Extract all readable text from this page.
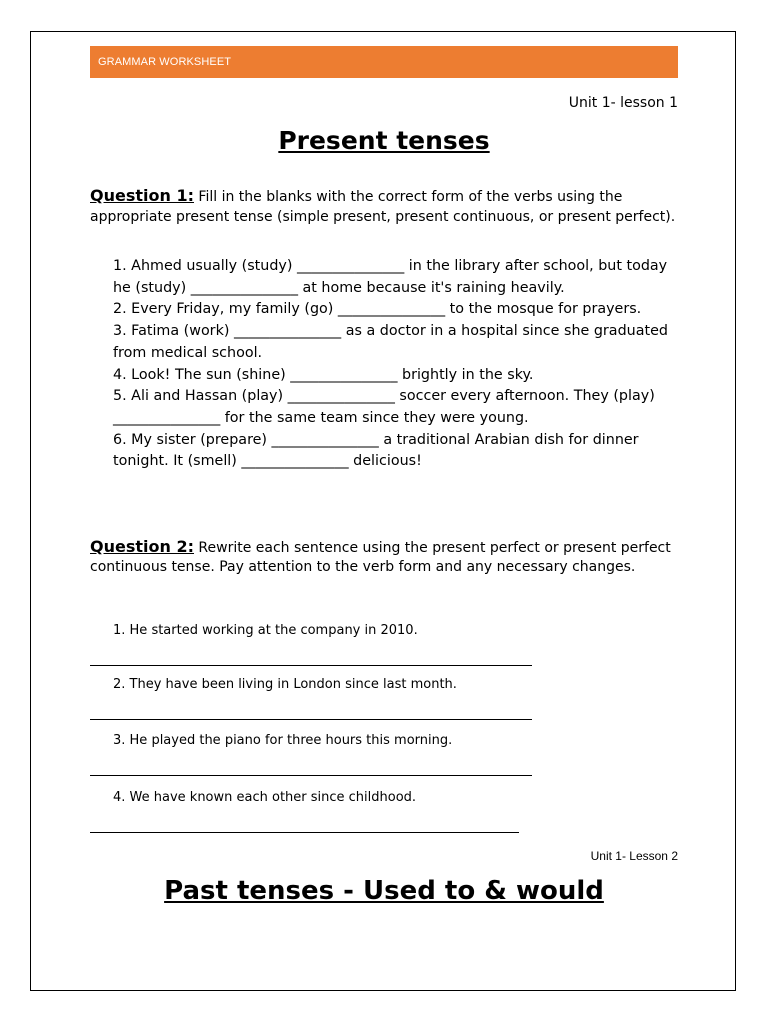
GRAMMAR WORKSHEET
Unit 1- lesson 1
Present tenses
Question 1: Fill in the blanks with the correct form of the verbs using the appropriate present tense (simple present, present continuous, or present perfect).
1. Ahmed usually (study) _______________ in the library after school, but today he (study) _______________ at home because it's raining heavily.
2. Every Friday, my family (go) _______________ to the mosque for prayers.
3. Fatima (work) _______________ as a doctor in a hospital since she graduated from medical school.
4. Look! The sun (shine) _______________ brightly in the sky.
5. Ali and Hassan (play) _______________ soccer every afternoon. They (play) _______________ for the same team since they were young.
6. My sister (prepare) _______________ a traditional Arabian dish for dinner tonight. It (smell) _______________ delicious!
Question 2: Rewrite each sentence using the present perfect or present perfect continuous tense. Pay attention to the verb form and any necessary changes.
1. He started working at the company in 2010.
2. They have been living in London since last month.
3. He played the piano for three hours this morning.
4. We have known each other since childhood.
Unit 1- Lesson 2
Past tenses - Used to & would
